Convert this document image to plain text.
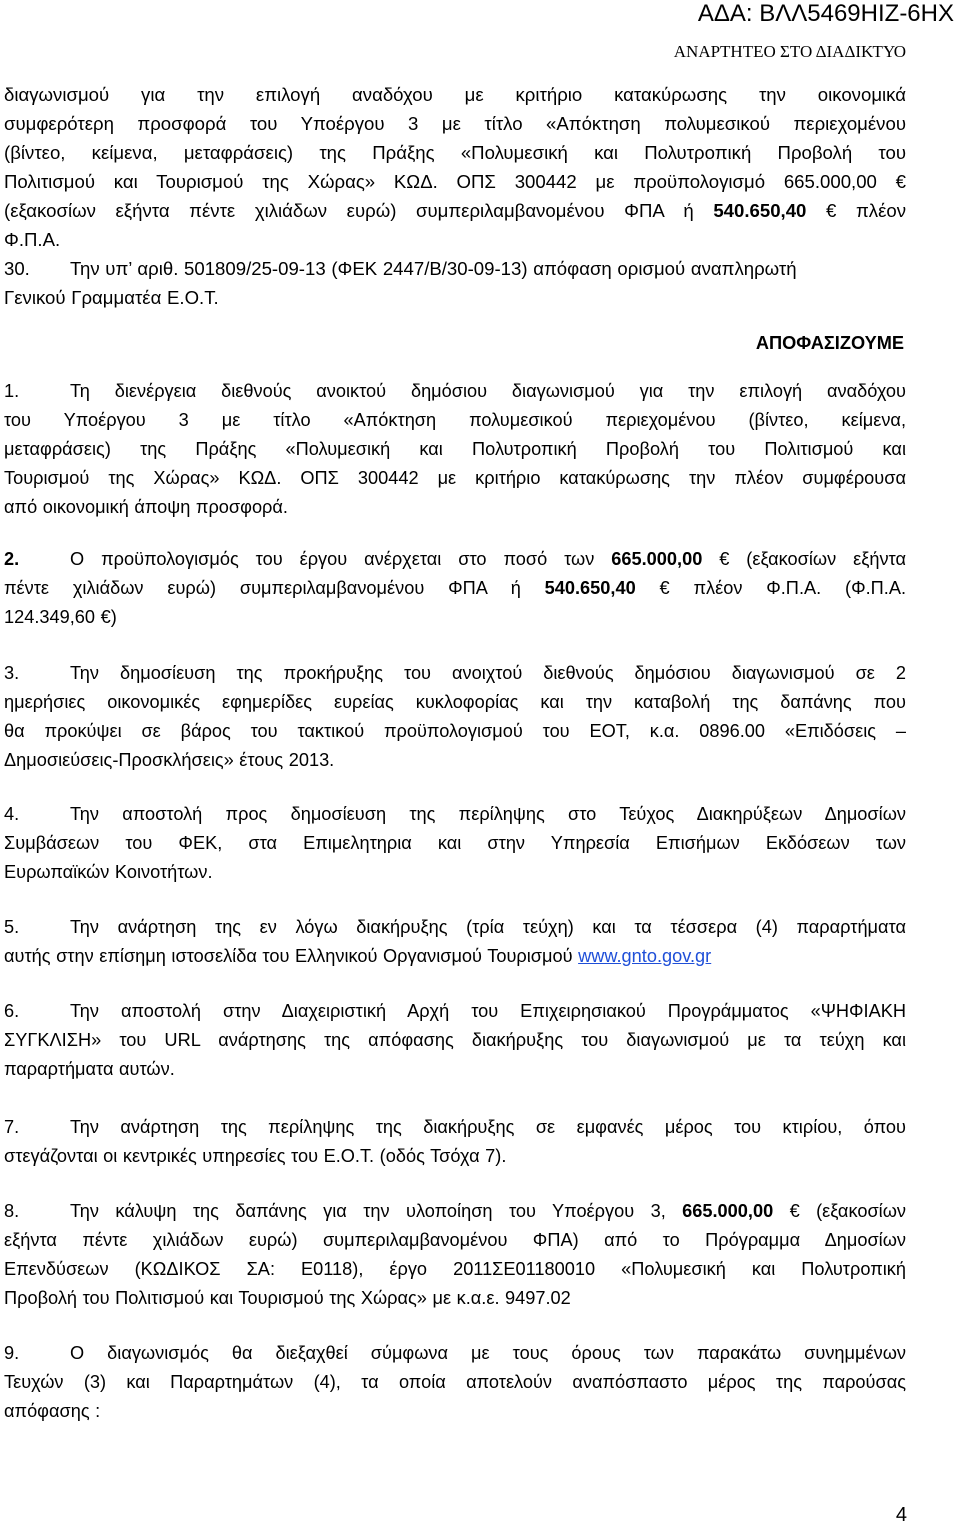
ΑΔΑ: ΒΛΛ5469ΗΙΖ-6ΗΧ

ΑΝΑΡΤΗΤΕΟ ΣΤΟ ΔΙΑΔΙΚΤΥΟ

διαγωνισμού για την επιλογή αναδόχου με κριτήριο κατακύρωσης την οικονομικά
συμφερότερη προσφορά του Υποέργου 3 με τίτλο «Απόκτηση πολυμεσικού περιεχομένου
(βίντεο, κείμενα, μεταφράσεις) της Πράξης «Πολυμεσική και Πολυτροπική Προβολή του
Πολιτισμού και Τουρισμού της Χώρας» ΚΩΔ. ΟΠΣ 300442 με προϋπολογισμό 665.000,00 €
(εξακοσίων εξήντα πέντε χιλιάδων ευρώ) συμπεριλαμβανομένου ΦΠΑ ή 540.650,40 € πλέον
Φ.Π.Α.
30. Την υπ’ αριθ. 501809/25-09-13 (ΦΕΚ 2447/Β/30-09-13) απόφαση ορισμού αναπληρωτή
Γενικού Γραμματέα Ε.Ο.Τ.

ΑΠΟΦΑΣΙΖΟΥΜΕ

1.	Τη διενέργεια διεθνούς ανοικτού δημόσιου διαγωνισμού για την επιλογή αναδόχου
του Υποέργου 3 με τίτλο «Απόκτηση πολυμεσικού περιεχομένου (βίντεο, κείμενα,
μεταφράσεις) της Πράξης «Πολυμεσική και Πολυτροπική Προβολή του Πολιτισμού και
Τουρισμού της Χώρας» ΚΩΔ. ΟΠΣ 300442 με κριτήριο κατακύρωσης την πλέον συμφέρουσα
από οικονομική άποψη προσφορά.
2.	Ο προϋπολογισμός του έργου ανέρχεται στο ποσό των 665.000,00 € (εξακοσίων εξήντα
πέντε χιλιάδων ευρώ) συμπεριλαμβανομένου ΦΠΑ ή 540.650,40 € πλέον Φ.Π.Α. (Φ.Π.Α.
124.349,60 €)
3.	Την δημοσίευση της προκήρυξης του ανοιχτού διεθνούς δημόσιου διαγωνισμού σε 2
ημερήσιες οικονομικές εφημερίδες ευρείας κυκλοφορίας και την καταβολή της δαπάνης που
θα προκύψει σε βάρος του τακτικού προϋπολογισμού του ΕΟΤ, κ.α. 0896.00 «Επιδόσεις –
Δημοσιεύσεις-Προσκλήσεις» έτους 2013.
4.	Την αποστολή προς δημοσίευση της περίληψης στο Τεύχος Διακηρύξεων Δημοσίων
Συμβάσεων του ΦΕΚ, στα Επιμελητηρια και στην Υπηρεσία Επισήμων Εκδόσεων των
Ευρωπαϊκών Κοινοτήτων.
5.	Την ανάρτηση της εν λόγω διακήρυξης (τρία τεύχη) και τα τέσσερα (4) παραρτήματα
αυτής στην επίσημη ιστοσελίδα του Ελληνικού Οργανισμού Τουρισμού www.gnto.gov.gr
6.	Την αποστολή στην Διαχειριστική Αρχή του Επιχειρησιακού Προγράμματος «ΨΗΦΙΑΚΗ
ΣΥΓΚΛΙΣΗ» του URL ανάρτησης της απόφασης διακήρυξης του διαγωνισμού με τα τεύχη και
παραρτήματα αυτών.
7.	Την ανάρτηση της περίληψης της διακήρυξης σε εμφανές μέρος του κτιρίου, όπου
στεγάζονται οι κεντρικές υπηρεσίες του Ε.Ο.Τ. (οδός Τσόχα 7).
8.	Την κάλυψη της δαπάνης για την υλοποίηση του Υποέργου 3, 665.000,00 € (εξακοσίων
εξήντα πέντε χιλιάδων ευρώ) συμπεριλαμβανομένου ΦΠΑ) από το Πρόγραμμα Δημοσίων
Επενδύσεων (ΚΩΔΙΚΟΣ ΣΑ: Ε0118), έργο 2011ΣΕ01180010 «Πολυμεσική και Πολυτροπική
Προβολή του Πολιτισμού και Τουρισμού της Χώρας» με κ.α.ε. 9497.02
9.	Ο διαγωνισμός θα διεξαχθεί σύμφωνα με τους όρους των παρακάτω συνημμένων
Τευχών (3) και Παραρτημάτων (4), τα οποία αποτελούν αναπόσπαστο μέρος της παρούσας
απόφασης :

4
